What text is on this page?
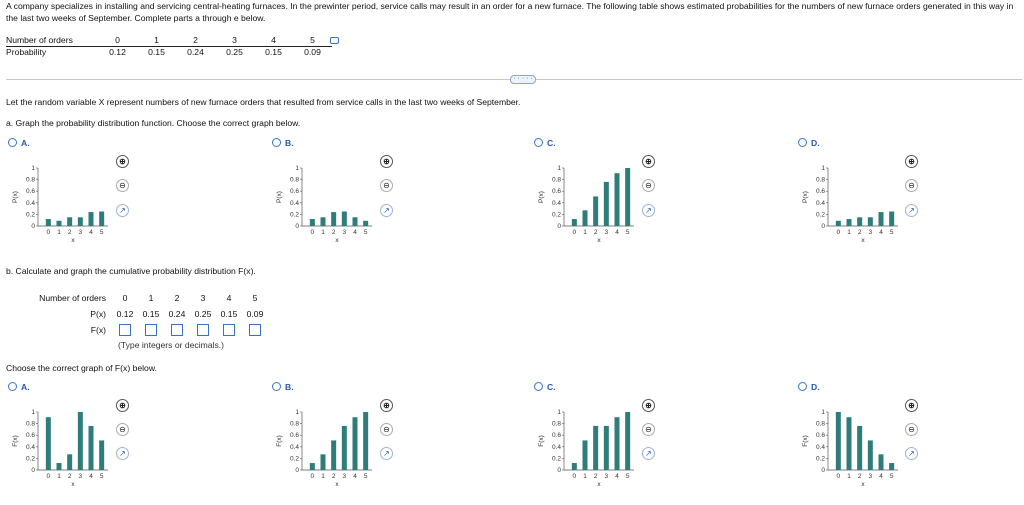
A company specializes in installing and servicing central-heating furnaces. In the prewinter period, service calls may result in an order for a new furnace. The following table shows estimated probabilities for the numbers of new furnace orders generated in this way in the last two weeks of September. Complete parts a through e below.
Number of orders	0	1	2	3	4	5
Probability	0.12	0.15	0.24	0.25	0.15	0.09
· · · · ·
Let the random variable X represent numbers of new furnace orders that resulted from service calls in the last two weeks of September.
a. Graph the probability distribution function. Choose the correct graph below.
A.	B.	C.	D.
P(x)
0
0.2
0.4
0.6
0.8
1
0 1 2 3 4 5
x
P(x)
0
0.2
0.4
0.6
0.8
1
0 1 2 3 4 5
x
P(x)
0
0.2
0.4
0.6
0.8
1
0 1 2 3 4 5
x
P(x)
0
0.2
0.4
0.6
0.8
1
0 1 2 3 4 5
x
⊕
⊖
↗
⊕
⊖
↗
⊕
⊖
↗
⊕
⊖
↗
b. Calculate and graph the cumulative probability distribution F(x).
Number of orders	0	1	2	3	4	5
P(x)	0.12	0.15	0.24	0.25	0.15	0.09
F(x)						
(Type integers or decimals.)
Choose the correct graph of F(x) below.
A.	B.	C.	D.
F(x)
0
0.2
0.4
0.6
0.8
1
0 1 2 3 4 5
x
F(x)
0
0.2
0.4
0.6
0.8
1
0 1 2 3 4 5
x
F(x)
0
0.2
0.4
0.6
0.8
1
0 1 2 3 4 5
x
F(x)
0
0.2
0.4
0.6
0.8
1
0 1 2 3 4 5
x
⊕
⊖
↗
⊕
⊖
↗
⊕
⊖
↗
⊕
⊖
↗
